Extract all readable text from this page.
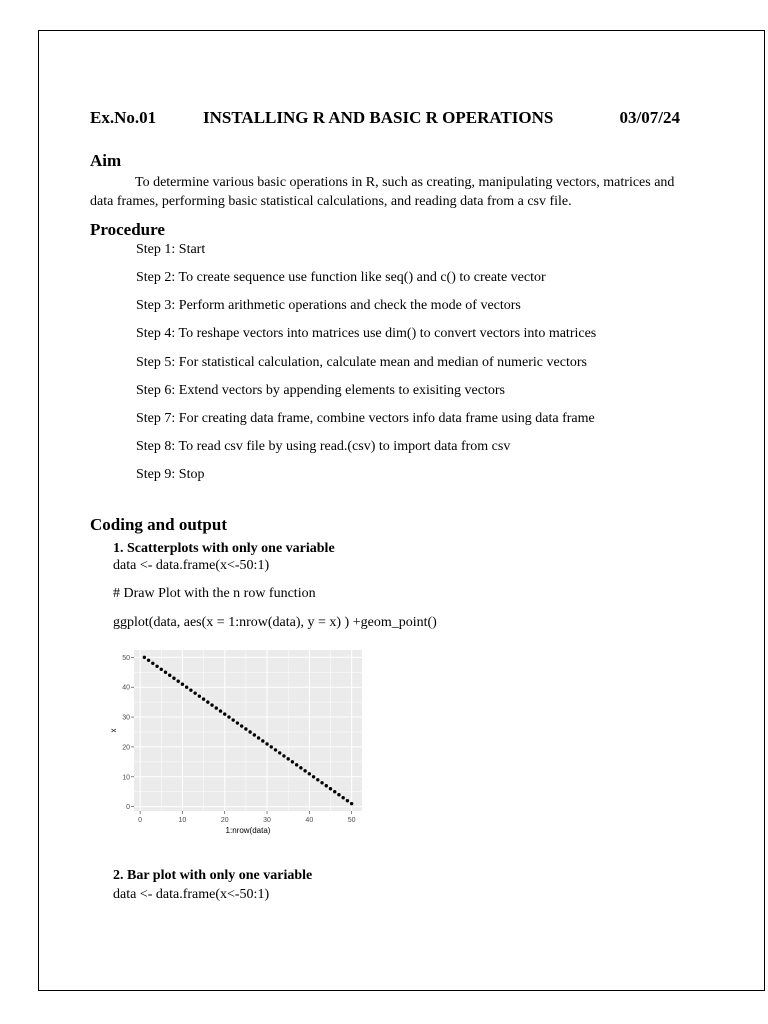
Ex.No.01	INSTALLING R AND BASIC R OPERATIONS	03/07/24
Aim
To determine various basic operations in R, such as creating, manipulating vectors, matrices and data frames, performing basic statistical calculations, and reading data from a csv file.
Procedure
Step 1: Start
Step 2: To create sequence use function like seq() and c() to create vector
Step 3: Perform arithmetic operations and check the mode of vectors
Step 4: To reshape vectors into matrices use dim() to convert vectors into matrices
Step 5: For statistical calculation, calculate mean and median of numeric vectors
Step 6: Extend vectors by appending elements to exisiting vectors
Step 7: For creating data frame, combine vectors info data frame using data frame
Step 8: To read csv file by using read.(csv) to import data from csv
Step 9: Stop
Coding and output
1. Scatterplots with only one variable
data <- data.frame(x<-50:1)
# Draw Plot with the n row function
ggplot(data, aes(x = 1:nrow(data), y = x) ) +geom_point()
0	10	20	30	40	50
0
10
20
30
40
50
1:nrow(data)
x
2. Bar plot with only one variable
data <- data.frame(x<-50:1)
